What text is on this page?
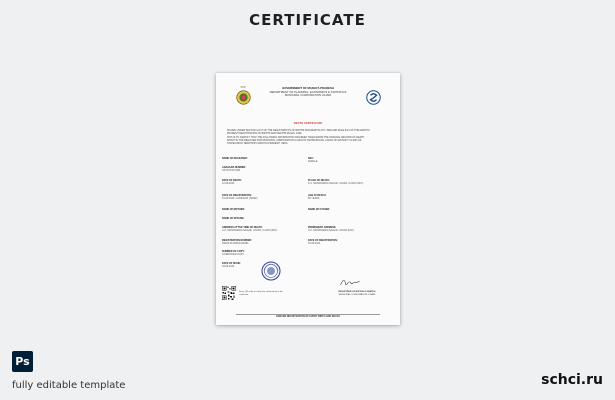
CERTIFICATE
राज्य	GOVERNMENT OF MADHYA PRADESH
DEPARTMENT OF PLANNING, ECONOMICS & STATISTICS
MUNICIPAL CORPORATION UJJAIN
DEATH CERTIFICATE
ISSUED UNDER SECTION 12/17 OF THE REGISTRATION OF BIRTHS AND DEATHS ACT, 1969 AND RULE 8/13 OF THE MADHYA
PRADESH REGISTRATION OF BIRTHS AND DEATHS RULES, 1999.
THIS IS TO CERTIFY THAT THE FOLLOWING INFORMATION HAS BEEN TAKEN FROM THE ORIGINAL RECORD OF DEATH
WHICH IS THE REGISTER FOR MUNICIPAL CORPORATION UJJAIN OF TEHSIL/BLOCK UJJAIN OF DISTRICT UJJAIN OF
STATE/UNION TERRITORY MADHYA PRADESH, INDIA.
NAME OF DECEASED:
AADHAAR NUMBER:
XXXXXXXX7466
DATE OF DEATH:
12-09-2023
DATE OF REGISTRATION:
15-09-2023 / 14/09/2023 (TAMIZ)
NAME OF MOTHER:
NAME OF SPOUSE:
ADDRESS AT THE TIME OF DEATH:
X-X, MAHANANDA NAGAR, UJJAIN, UJJAIN (M.P.)
REGISTRATION NUMBER:
D2023:23-90063-000281
NUMBER OF COPY:
1/CERTIFIED COPY
DATE OF ISSUE:
18-09-2023
SEX:
FEMALE
PLACE OF DEATH:
X-X, MAHANANDA NAGAR, UJJAIN, UJJAIN (M.P.)
AGE AT DEATH:
85 YEARS
NAME OF FATHER:
PERMANENT ADDRESS:
X-X, MAHANANDA NAGAR, UJJAIN (M.P.)
DATE OF REGISTRATION:
15-09-2023
Scan QR code to verify the authenticity of the
certificate
REGISTRAR OF BIRTHS & DEATHS
MUNICIPAL CORPORATION UJJAIN
ENSURE REGISTRATION OF EVERY BIRTH AND DEATH
Ps
fully editable template	schci.ru
